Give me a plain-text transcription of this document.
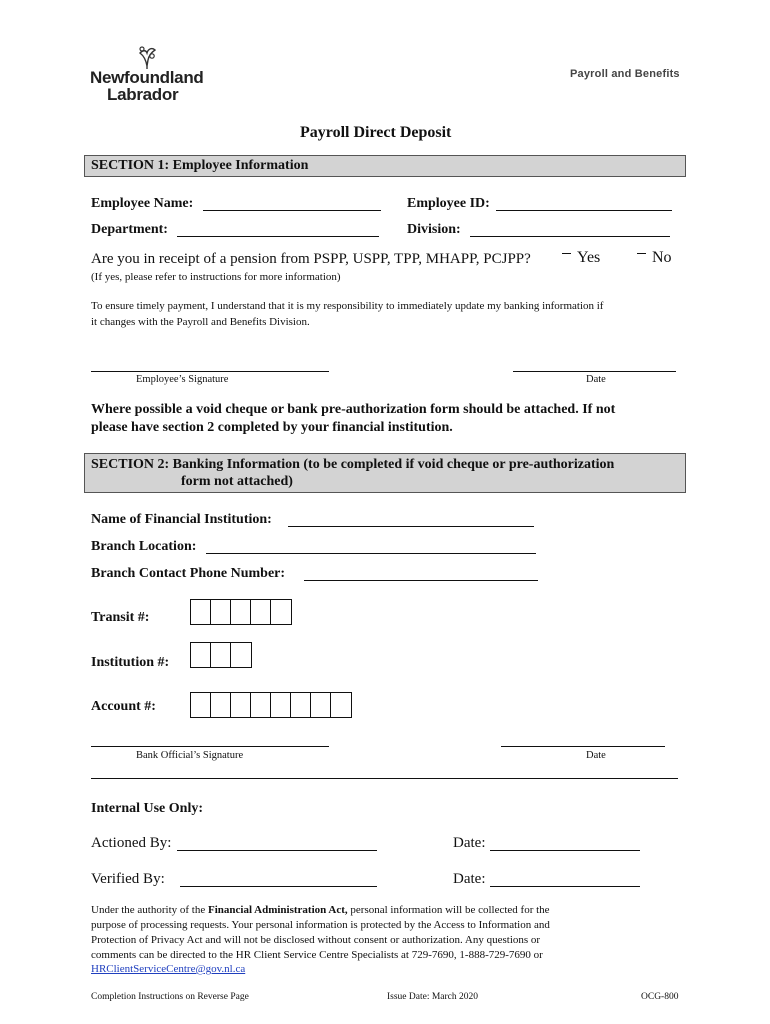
Newfoundland
Labrador
Payroll and Benefits
Payroll Direct Deposit
SECTION 1: Employee Information
Employee Name:	Employee ID:
Department:	Division:
Are you in receipt of a pension from PSPP, USPP, TPP, MHAPP, PCJPP?	Yes	No
(If yes, please refer to instructions for more information)
To ensure timely payment, I understand that it is my responsibility to immediately update my banking information if
it changes with the Payroll and Benefits Division.
Employee’s Signature	Date
Where possible a void cheque or bank pre-authorization form should be attached. If not
please have section 2 completed by your financial institution.
SECTION 2: Banking Information (to be completed if void cheque or pre-authorization
form not attached)
Name of Financial Institution:
Branch Location:
Branch Contact Phone Number:
Transit #:
Institution #:
Account #:
Bank Official’s Signature	Date
Internal Use Only:
Actioned By:	Date:
Verified By:	Date:
Under the authority of the Financial Administration Act, personal information will be collected for the
purpose of processing requests. Your personal information is protected by the Access to Information and
Protection of Privacy Act and will not be disclosed without consent or authorization. Any questions or
comments can be directed to the HR Client Service Centre Specialists at 729-7690, 1-888-729-7690 or
HRClientServiceCentre@gov.nl.ca
Completion Instructions on Reverse Page	Issue Date: March 2020	OCG-800
